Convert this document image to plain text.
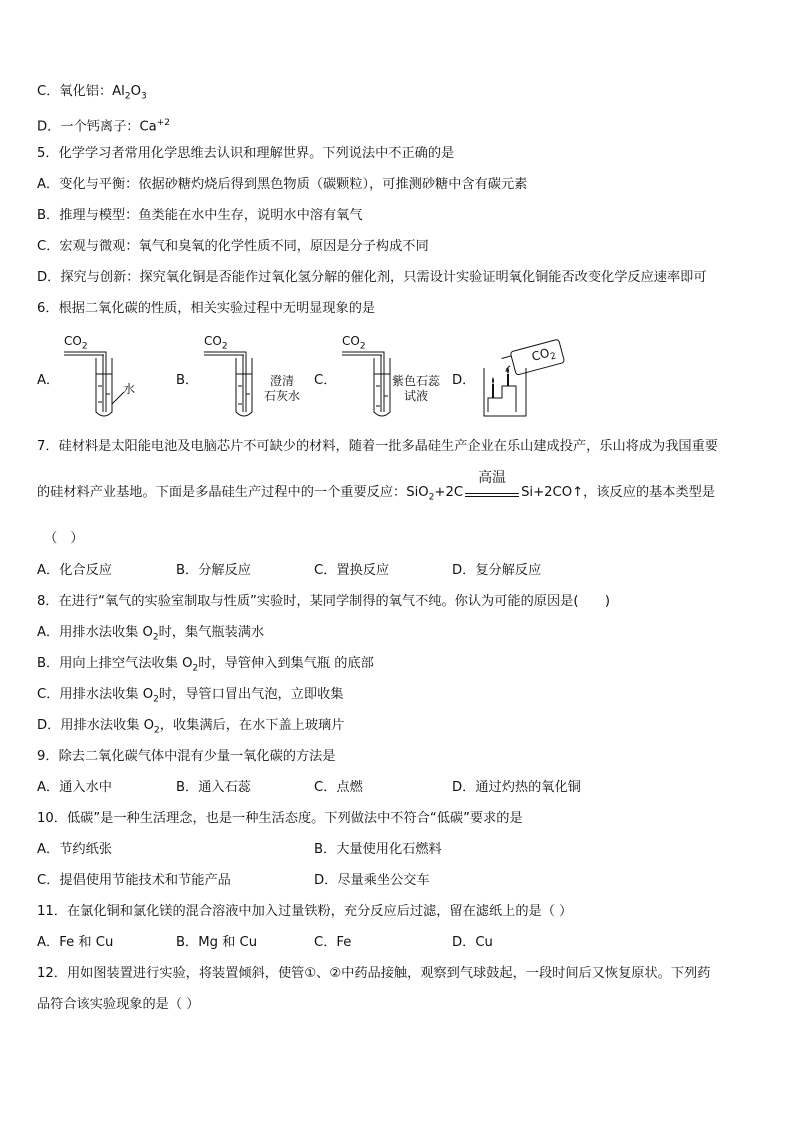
C．氧化铝：$Al_2O_3$
D．一个钙离子：$Ca^{+2}$
5．化学学习者常用化学思维去认识和理解世界。下列说法中不正确的是
A．变化与平衡：依据砂糖灼烧后得到黑色物质（碳颗粒），可推测砂糖中含有碳元素
B．推理与模型：鱼类能在水中生存，说明水中溶有氧气
C．宏观与微观：氧气和臭氧的化学性质不同，原因是分子构成不同
D．探究与创新：探究氧化铜是否能作过氧化氢分解的催化剂，只需设计实验证明氧化铜能否改变化学反应速率即可
6．根据二氧化碳的性质，相关实验过程中无明显现象的是
A．	B．	C．	D．
$CO_2$
水
$CO_2$
澄清
石灰水
$CO_2$
紫色石蕊
试液
$CO_2$
7．硅材料是太阳能电池及电脑芯片不可缺少的材料，随着一批多晶硅生产企业在乐山建成投产，乐山将成为我国重要
的硅材料产业基地。下面是多晶硅生产过程中的一个重要反应：SiO$_2$+2C
高温
Si+2CO↑，该反应的基本类型是
（　）
A．化合反应	B．分解反应	C．置换反应	D．复分解反应
8．在进行“氧气的实验室制取与性质”实验时，某同学制得的氧气不纯。你认为可能的原因是(　　)
A．用排水法收集 $O_2$时，集气瓶装满水
B．用向上排空气法收集 $O_2$时，导管伸入到集气瓶 的底部
C．用排水法收集 $O_2$时，导管口冒出气泡，立即收集
D．用排水法收集 $O_2$，收集满后，在水下盖上玻璃片
9．除去二氧化碳气体中混有少量一氧化碳的方法是
A．通入水中	B．通入石蕊	C．点燃	D．通过灼热的氧化铜
10．低碳”是一种生活理念，也是一种生活态度。下列做法中不符合“低碳”要求的是
A．节约纸张	B．大量使用化石燃料
C．提倡使用节能技术和节能产品	D．尽量乘坐公交车
11．在氯化铜和氯化镁的混合溶液中加入过量铁粉，充分反应后过滤，留在滤纸上的是（ ）
A．Fe 和 Cu	B．Mg 和 Cu	C．Fe	D．Cu
12．用如图装置进行实验，将装置倾斜，使管①、②中药品接触，观察到气球鼓起，一段时间后又恢复原状。下列药
品符合该实验现象的是（ ）
